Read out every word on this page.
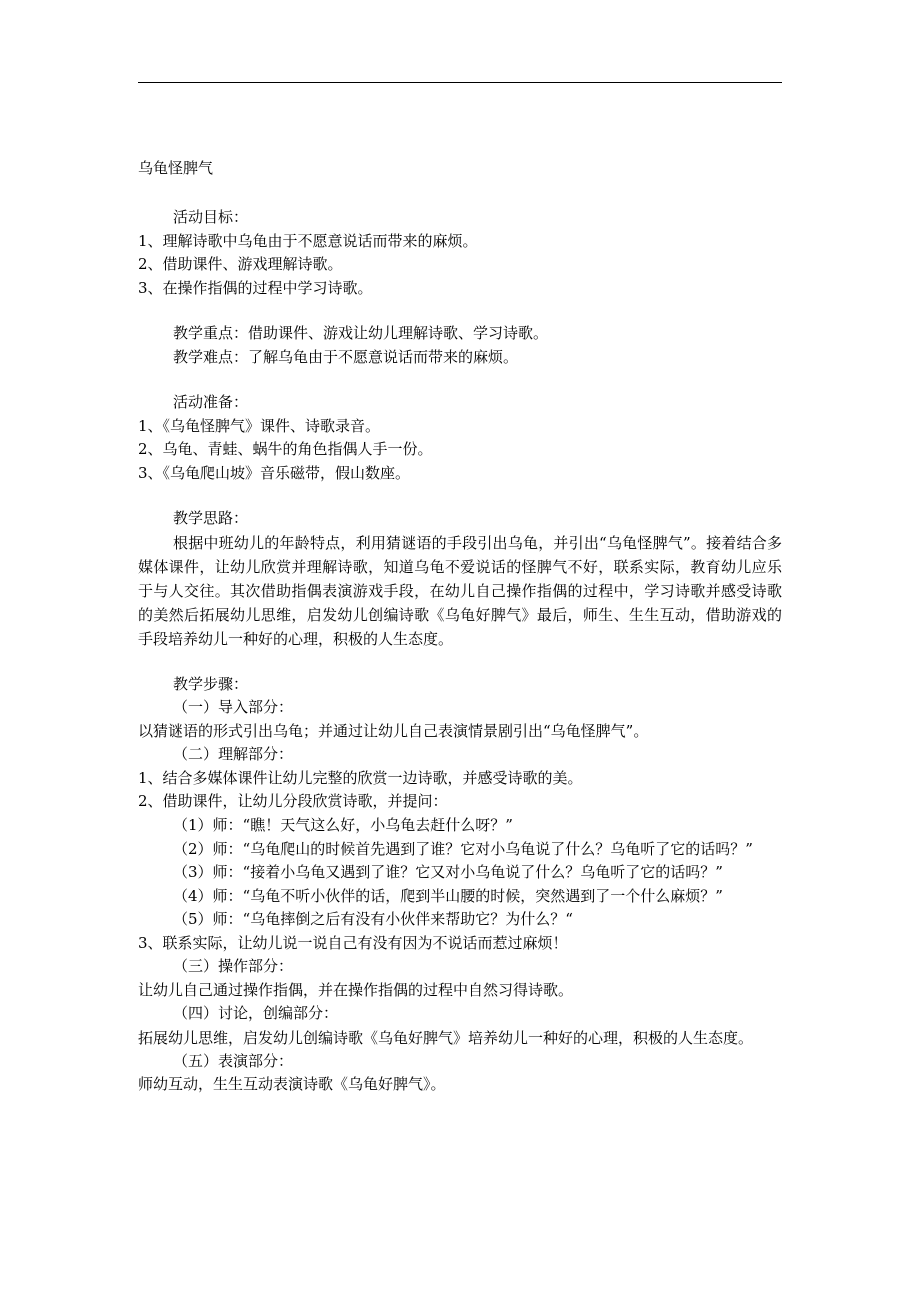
乌龟怪脾气
活动目标：
1、理解诗歌中乌龟由于不愿意说话而带来的麻烦。
2、借助课件、游戏理解诗歌。
3、在操作指偶的过程中学习诗歌。
教学重点：借助课件、游戏让幼儿理解诗歌、学习诗歌。
教学难点：了解乌龟由于不愿意说话而带来的麻烦。
活动准备：
1、《乌龟怪脾气》课件、诗歌录音。
2、乌龟、青蛙、蜗牛的角色指偶人手一份。
3、《乌龟爬山坡》音乐磁带，假山数座。
教学思路：
根据中班幼儿的年龄特点，利用猜谜语的手段引出乌龟，并引出“乌龟怪脾气”。接着结合多媒体课件，让幼儿欣赏并理解诗歌，知道乌龟不爱说话的怪脾气不好，联系实际，教育幼儿应乐于与人交往。其次借助指偶表演游戏手段，在幼儿自己操作指偶的过程中，学习诗歌并感受诗歌的美然后拓展幼儿思维，启发幼儿创编诗歌《乌龟好脾气》最后，师生、生生互动，借助游戏的手段培养幼儿一种好的心理，积极的人生态度。
教学步骤：
（一）导入部分：
以猜谜语的形式引出乌龟；并通过让幼儿自己表演情景剧引出“乌龟怪脾气”。
（二）理解部分：
1、结合多媒体课件让幼儿完整的欣赏一边诗歌，并感受诗歌的美。
2、借助课件，让幼儿分段欣赏诗歌，并提问：
（1）师：“瞧！天气这么好，小乌龟去赶什么呀？”
（2）师：“乌龟爬山的时候首先遇到了谁？它对小乌龟说了什么？乌龟听了它的话吗？”
（3）师：“接着小乌龟又遇到了谁？它又对小乌龟说了什么？乌龟听了它的话吗？”
（4）师：“乌龟不听小伙伴的话，爬到半山腰的时候，突然遇到了一个什么麻烦？”
（5）师：“乌龟摔倒之后有没有小伙伴来帮助它？为什么？“
3、联系实际，让幼儿说一说自己有没有因为不说话而惹过麻烦！
（三）操作部分：
让幼儿自己通过操作指偶，并在操作指偶的过程中自然习得诗歌。
（四）讨论，创编部分：
拓展幼儿思维，启发幼儿创编诗歌《乌龟好脾气》培养幼儿一种好的心理，积极的人生态度。
（五）表演部分：
师幼互动，生生互动表演诗歌《乌龟好脾气》。
